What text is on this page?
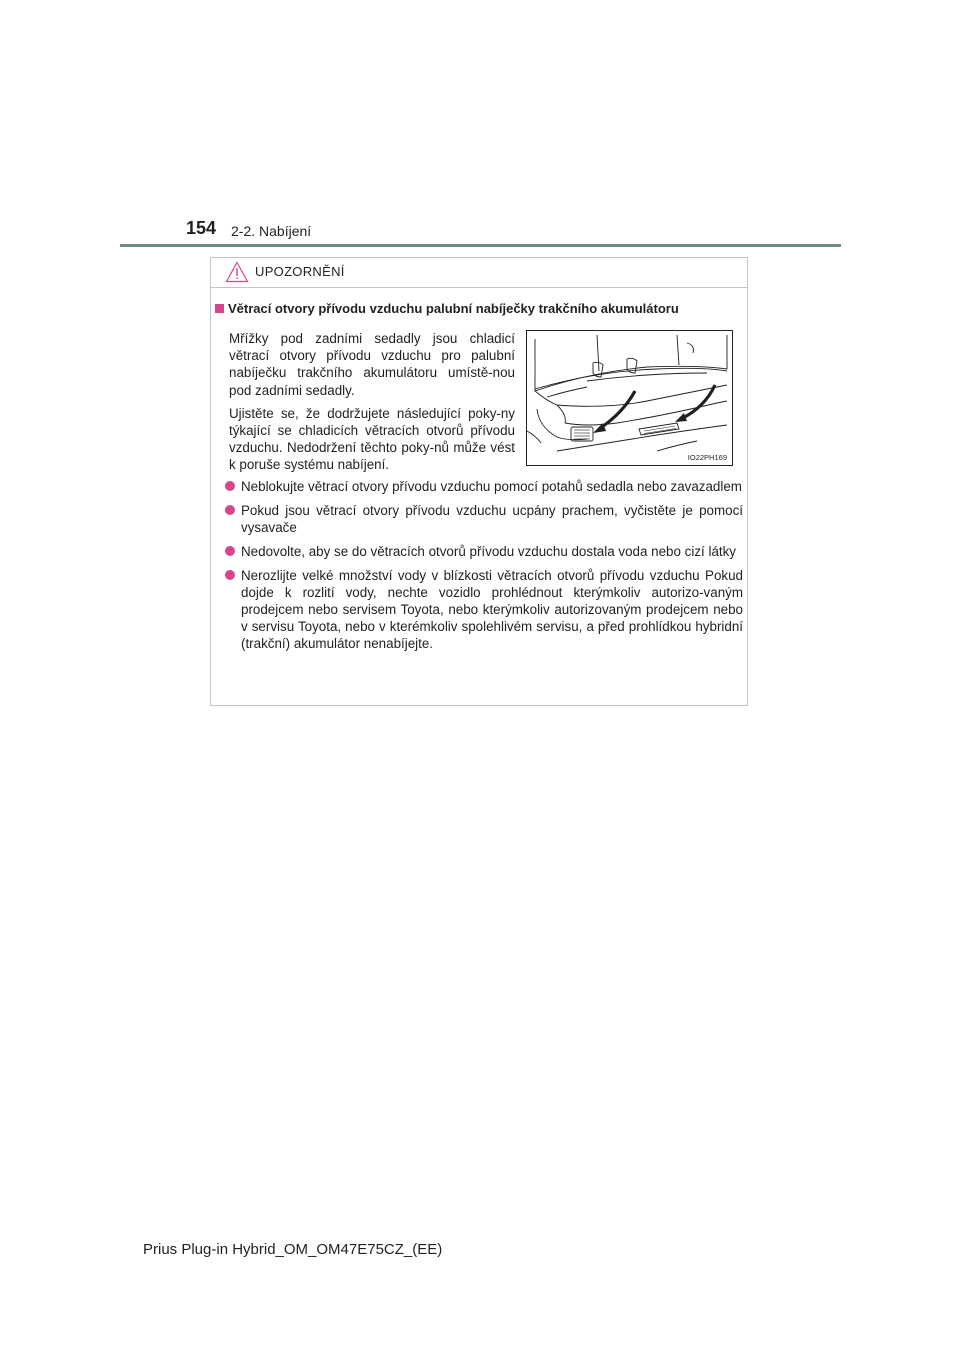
154 2-2. Nabíjení
UPOZORNĚNÍ
Větrací otvory přívodu vzduchu palubní nabíječky trakčního akumulátoru

Mřížky pod zadními sedadly jsou chladicí větrací otvory přívodu vzduchu pro palubní nabíječku trakčního akumulátoru umístě-nou pod zadními sedadly.

Ujistěte se, že dodržujete následující poky-ny týkající se chladicích větracích otvorů přívodu vzduchu. Nedodržení těchto poky-nů může vést k poruše systému nabíjení.	IO22PH169
Neblokujte větrací otvory přívodu vzduchu pomocí potahů sedadla nebo zavazadlem
Pokud jsou větrací otvory přívodu vzduchu ucpány prachem, vyčistěte je pomocí vysavače
Nedovolte, aby se do větracích otvorů přívodu vzduchu dostala voda nebo cizí látky
Nerozlijte velké množství vody v blízkosti větracích otvorů přívodu vzduchu Pokud dojde k rozlití vody, nechte vozidlo prohlédnout kterýmkoliv autorizo-vaným prodejcem nebo servisem Toyota, nebo kterýmkoliv autorizovaným prodejcem nebo v servisu Toyota, nebo v kterémkoliv spolehlivém servisu, a před prohlídkou hybridní (trakční) akumulátor nenabíjejte.
Prius Plug-in Hybrid_OM_OM47E75CZ_(EE)
